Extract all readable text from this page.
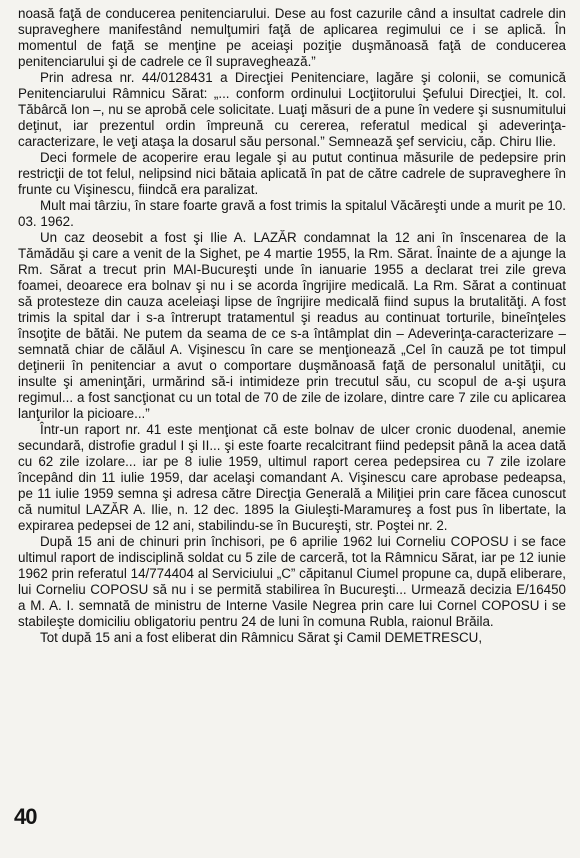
noasă faţă de conducerea penitenciarului. Dese au fost cazurile când a insultat cadrele din supraveghere manifestând nemulţumiri faţă de aplicarea regimului ce i se aplică. În momentul de faţă se menţine pe aceiaşi poziţie duşmănoasă faţă de conducerea penitenciarului şi de cadrele ce îl supraveghează.”

Prin adresa nr. 44/0128431 a Direcţiei Penitenciare, lagăre şi colonii, se comunică Penitenciarului Râmnicu Sărat: „... conform ordinului Locţiitorului Şefului Direcţiei, lt. col. Tăbârcă Ion –, nu se aprobă cele solicitate. Luaţi măsuri de a pune în vedere şi susnumitului deţinut, iar prezentul ordin împreună cu cererea, referatul medical şi adeverinţa-caracterizare, le veţi ataşa la dosarul său personal.” Semnează şef serviciu, căp. Chiru Ilie.

Deci formele de acoperire erau legale şi au putut continua măsurile de pedepsire prin restricţii de tot felul, nelipsind nici bătaia aplicată în pat de către cadrele de supraveghere în frunte cu Vişinescu, fiindcă era paralizat.

Mult mai târziu, în stare foarte gravă a fost trimis la spitalul Văcăreşti unde a murit pe 10. 03. 1962.

Un caz deosebit a fost şi Ilie A. LAZĂR condamnat la 12 ani în înscenarea de la Tămădău şi care a venit de la Sighet, pe 4 martie 1955, la Rm. Sărat. Înainte de a ajunge la Rm. Sărat a trecut prin MAI-Bucureşti unde în ianuarie 1955 a declarat trei zile greva foamei, deoarece era bolnav şi nu i se acorda îngrijire medicală. La Rm. Sărat a continuat să protesteze din cauza aceleiaşi lipse de îngrijire medicală fiind supus la brutalităţi. A fost trimis la spital dar i s-a întrerupt tratamentul şi readus au continuat torturile, bineînţeles însoţite de bătăi. Ne putem da seama de ce s-a întâmplat din – Adeverinţa-caracterizare – semnată chiar de călăul A. Vişinescu în care se menţionează „Cel în cauză pe tot timpul deţinerii în penitenciar a avut o comportare duşmănoasă faţă de personalul unităţii, cu insulte şi ameninţări, urmărind să-i intimideze prin trecutul său, cu scopul de a-şi uşura regimul... a fost sancţionat cu un total de 70 de zile de izolare, dintre care 7 zile cu aplicarea lanţurilor la picioare...”

Într-un raport nr. 41 este menţionat că este bolnav de ulcer cronic duodenal, anemie secundară, distrofie gradul I şi II... şi este foarte recalcitrant fiind pedepsit până la acea dată cu 62 zile izolare... iar pe 8 iulie 1959, ultimul raport cerea pedepsirea cu 7 zile izolare începând din 11 iulie 1959, dar acelaşi comandant A. Vişinescu care aprobase pedeapsa, pe 11 iulie 1959 semna şi adresa către Direcţia Generală a Miliţiei prin care făcea cunoscut că numitul LAZĂR A. Ilie, n. 12 dec. 1895 la Giuleşti-Maramureş a fost pus în libertate, la expirarea pedepsei de 12 ani, stabilindu-se în Bucureşti, str. Poştei nr. 2.

După 15 ani de chinuri prin închisori, pe 6 aprilie 1962 lui Corneliu COPOSU i se face ultimul raport de indisciplină soldat cu 5 zile de carceră, tot la Râmnicu Sărat, iar pe 12 iunie 1962 prin referatul 14/774404 al Serviciului „C” căpitanul Ciumel propune ca, după eliberare, lui Corneliu COPOSU să nu i se permită stabilirea în Bucureşti... Urmează decizia E/16450 a M. A. I. semnată de ministru de Interne Vasile Negrea prin care lui Cornel COPOSU i se stabileşte domiciliu obligatoriu pentru 24 de luni în comuna Rubla, raionul Brăila.

Tot după 15 ani a fost eliberat din Râmnicu Sărat şi Camil DEMETRESCU,

40
